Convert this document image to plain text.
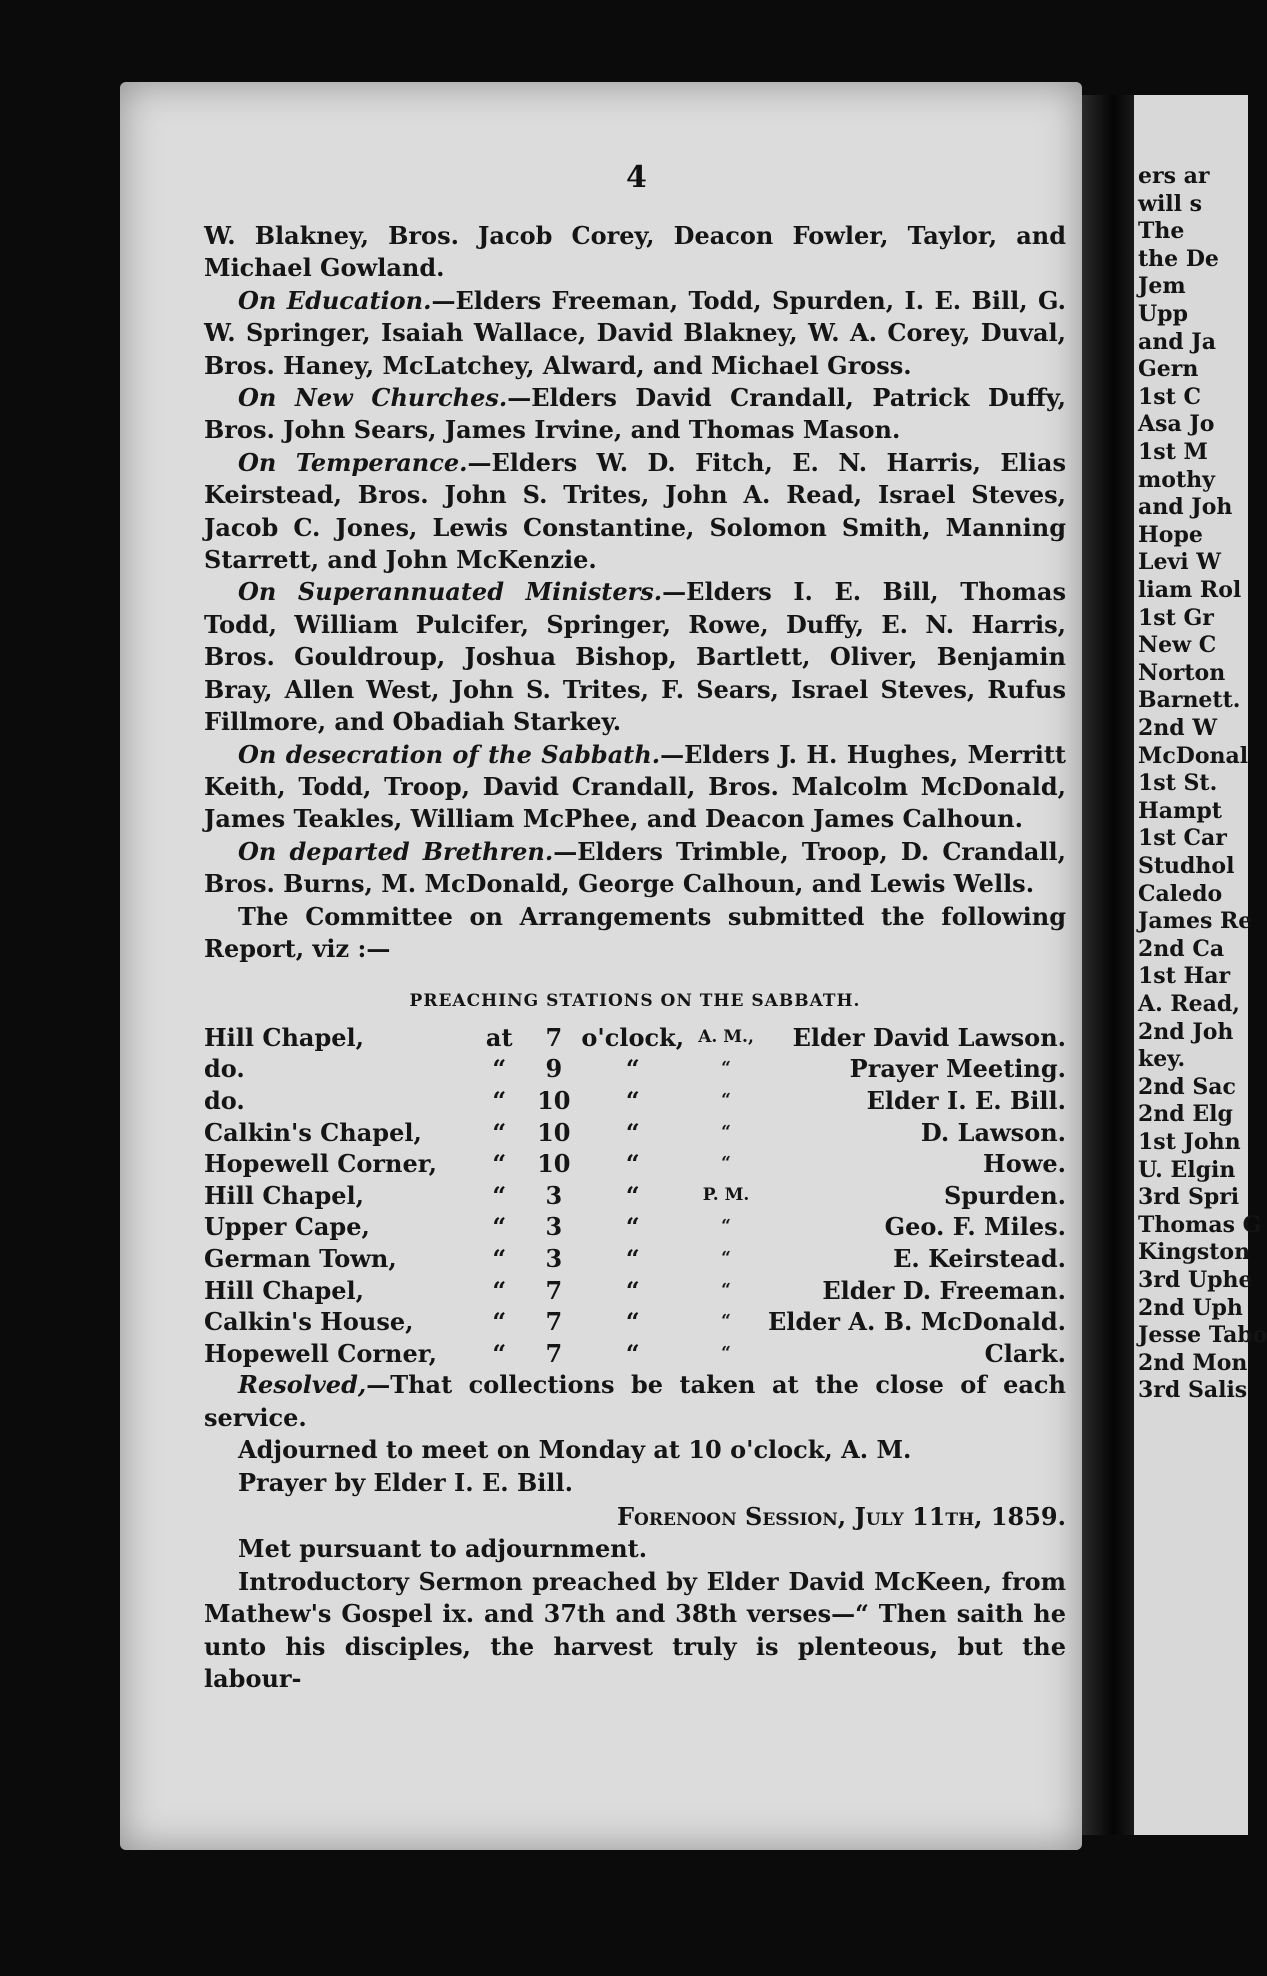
ers ar
will s
The
the De
Jem
Upp
and Ja
Gern
1st C
Asa Jo
1st M
mothy
and Joh
Hope
Levi W
liam Rol
1st Gr
New C
Norton
Barnett.
2nd W
McDonal
1st St.
Hampt
1st Car
Studhol
Caledo
James Re
2nd Ca
1st Har
A. Read,
2nd Joh
key.
2nd Sac
2nd Elg
1st John
U. Elgin
3rd Spri
Thomas G
Kingston
3rd Uphe
2nd Uph
Jesse Tabo
2nd Mon
3rd Salis
4

W. Blakney, Bros. Jacob Corey, Deacon Fowler, Taylor, and Michael Gowland.

On Education.—Elders Freeman, Todd, Spurden, I. E. Bill, G. W. Springer, Isaiah Wallace, David Blakney, W. A. Corey, Duval, Bros. Haney, McLatchey, Alward, and Michael Gross.

On New Churches.—Elders David Crandall, Patrick Duffy, Bros. John Sears, James Irvine, and Thomas Mason.

On Temperance.—Elders W. D. Fitch, E. N. Harris, Elias Keirstead, Bros. John S. Trites, John A. Read, Israel Steves, Jacob C. Jones, Lewis Constantine, Solomon Smith, Manning Starrett, and John McKenzie.

On Superannuated Ministers.—Elders I. E. Bill, Thomas Todd, William Pulcifer, Springer, Rowe, Duffy, E. N. Harris, Bros. Gouldroup, Joshua Bishop, Bartlett, Oliver, Benjamin Bray, Allen West, John S. Trites, F. Sears, Israel Steves, Rufus Fillmore, and Obadiah Starkey.

On desecration of the Sabbath.—Elders J. H. Hughes, Merritt Keith, Todd, Troop, David Crandall, Bros. Malcolm McDonald, James Teakles, William McPhee, and Deacon James Calhoun.

On departed Brethren.—Elders Trimble, Troop, D. Crandall, Bros. Burns, M. McDonald, George Calhoun, and Lewis Wells.

The Committee on Arrangements submitted the following Report, viz :—

PREACHING STATIONS ON THE SABBATH.
Hill Chapel,	at	7	o'clock,	A. M.,	Elder David Lawson.
do.	“	9	“	“	Prayer Meeting.
do.	“	10	“	“	Elder I. E. Bill.
Calkin's Chapel,	“	10	“	“	D. Lawson.
Hopewell Corner,	“	10	“	“	Howe.
Hill Chapel,	“	3	“	P. M.	Spurden.
Upper Cape,	“	3	“	“	Geo. F. Miles.
German Town,	“	3	“	“	E. Keirstead.
Hill Chapel,	“	7	“	“	Elder D. Freeman.
Calkin's House,	“	7	“	“	Elder A. B. McDonald.
Hopewell Corner,	“	7	“	“	Clark.

Resolved,—That collections be taken at the close of each service.

Adjourned to meet on Monday at 10 o'clock, A. M.

Prayer by Elder I. E. Bill.

Forenoon Session, July 11th, 1859.

Met pursuant to adjournment.

Introductory Sermon preached by Elder David McKeen, from Mathew's Gospel ix. and 37th and 38th verses—“ Then saith he unto his disciples, the harvest truly is plenteous, but the labour-
